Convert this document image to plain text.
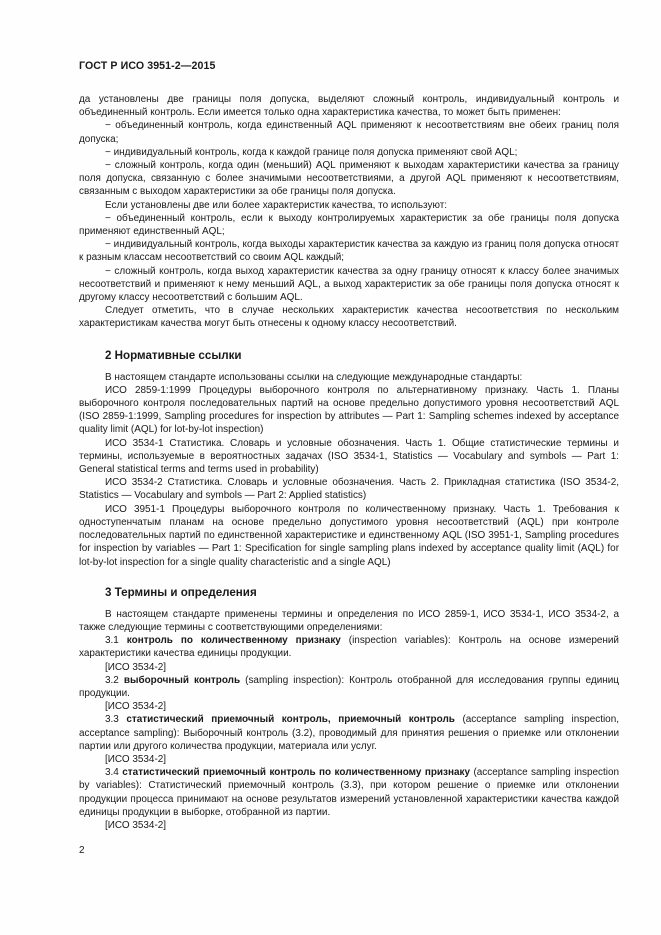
ГОСТ Р ИСО 3951-2—2015

да установлены две границы поля допуска, выделяют сложный контроль, индивидуальный контроль и объединенный контроль. Если имеется только одна характеристика качества, то может быть применен:

− объединенный контроль, когда единственный AQL применяют к несоответствиям вне обеих границ поля допуска;

− индивидуальный контроль, когда к каждой границе поля допуска применяют свой AQL;

− сложный контроль, когда один (меньший) AQL применяют к выходам характеристики качества за границу поля допуска, связанную с более значимыми несоответствиями, а другой AQL применяют к несоответствиям, связанным с выходом характеристики за обе границы поля допуска.

Если установлены две или более характеристик качества, то используют:

− объединенный контроль, если к выходу контролируемых характеристик за обе границы поля допуска применяют единственный AQL;

− индивидуальный контроль, когда выходы характеристик качества за каждую из границ поля допуска относят к разным классам несоответствий со своим AQL каждый;

− сложный контроль, когда выход характеристик качества за одну границу относят к классу более значимых несоответствий и применяют к нему меньший AQL, а выход характеристик за обе границы поля допуска относят к другому классу несоответствий с большим AQL.

Следует отметить, что в случае нескольких характеристик качества несоответствия по нескольким характеристикам качества могут быть отнесены к одному классу несоответствий.

2 Нормативные ссылки

В настоящем стандарте использованы ссылки на следующие международные стандарты:

ИСО 2859-1:1999 Процедуры выборочного контроля по альтернативному признаку. Часть 1. Планы выборочного контроля последовательных партий на основе предельно допустимого уровня несоответствий AQL (ISO 2859-1:1999, Sampling procedures for inspection by attributes — Part 1: Sampling schemes indexed by acceptance quality limit (AQL) for lot-by-lot inspection)

ИСО 3534-1 Статистика. Словарь и условные обозначения. Часть 1. Общие статистические термины и термины, используемые в вероятностных задачах (ISO 3534-1, Statistics — Vocabulary and symbols — Part 1: General statistical terms and terms used in probability)

ИСО 3534-2 Статистика. Словарь и условные обозначения. Часть 2. Прикладная статистика (ISO 3534-2, Statistics — Vocabulary and symbols — Part 2: Applied statistics)

ИСО 3951-1 Процедуры выборочного контроля по количественному признаку. Часть 1. Требования к одноступенчатым планам на основе предельно допустимого уровня несоответствий (AQL) при контроле последовательных партий по единственной характеристике и единственному AQL (ISO 3951-1, Sampling procedures for inspection by variables — Part 1: Specification for single sampling plans indexed by acceptance quality limit (AQL) for lot-by-lot inspection for a single quality characteristic and a single AQL)

3 Термины и определения

В настоящем стандарте применены термины и определения по ИСО 2859-1, ИСО 3534-1, ИСО 3534-2, а также следующие термины с соответствующими определениями:

3.1 контроль по количественному признаку (inspection variables): Контроль на основе измерений характеристики качества единицы продукции.

[ИСО 3534-2]

3.2 выборочный контроль (sampling inspection): Контроль отобранной для исследования группы единиц продукции.

[ИСО 3534-2]

3.3 статистический приемочный контроль, приемочный контроль (acceptance sampling inspection, acceptance sampling): Выборочный контроль (3.2), проводимый для принятия решения о приемке или отклонении партии или другого количества продукции, материала или услуг.

[ИСО 3534-2]

3.4 статистический приемочный контроль по количественному признаку (acceptance sampling inspection by variables): Статистический приемочный контроль (3.3), при котором решение о приемке или отклонении продукции процесса принимают на основе результатов измерений установленной характеристики качества каждой единицы продукции в выборке, отобранной из партии.

[ИСО 3534-2]

2
